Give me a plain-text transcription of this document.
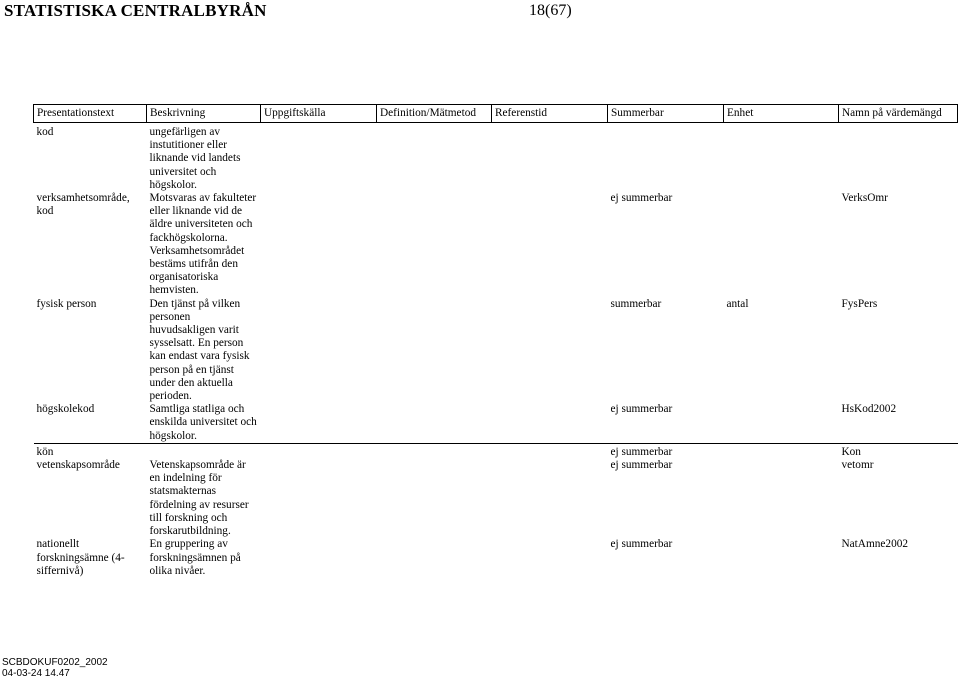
STATISTISKA CENTRALBYRÅN	18(67)
Presentationstext	Beskrivning	Uppgiftskälla	Definition/Mätmetod	Referenstid	Summerbar	Enhet	Namn på värdemängd
kod	ungefärligen av instutitioner eller liknande vid landets universitet och högskolor.						
verksamhetsområde, kod	Motsvaras av fakulteter eller liknande vid de äldre universiteten och fackhögskolorna. Verksamhetsområdet bestäms utifrån den organisatoriska hemvisten.				ej summerbar		VerksOmr
fysisk person	Den tjänst på vilken personen huvudsakligen varit sysselsatt. En person kan endast vara fysisk person på en tjänst under den aktuella perioden.				summerbar	antal	FysPers
högskolekod	Samtliga statliga och enskilda universitet och högskolor.				ej summerbar		HsKod2002
kön					ej summerbar		Kon
vetenskapsområde	Vetenskapsområde är en indelning för statsmakternas fördelning av resurser till forskning och forskarutbildning.				ej summerbar		vetomr
nationellt forskningsämne (4-siffernivå)	En gruppering av forskningsämnen på olika nivåer.				ej summerbar		NatAmne2002
SCBDOKUF0202_2002
04-03-24 14.47
